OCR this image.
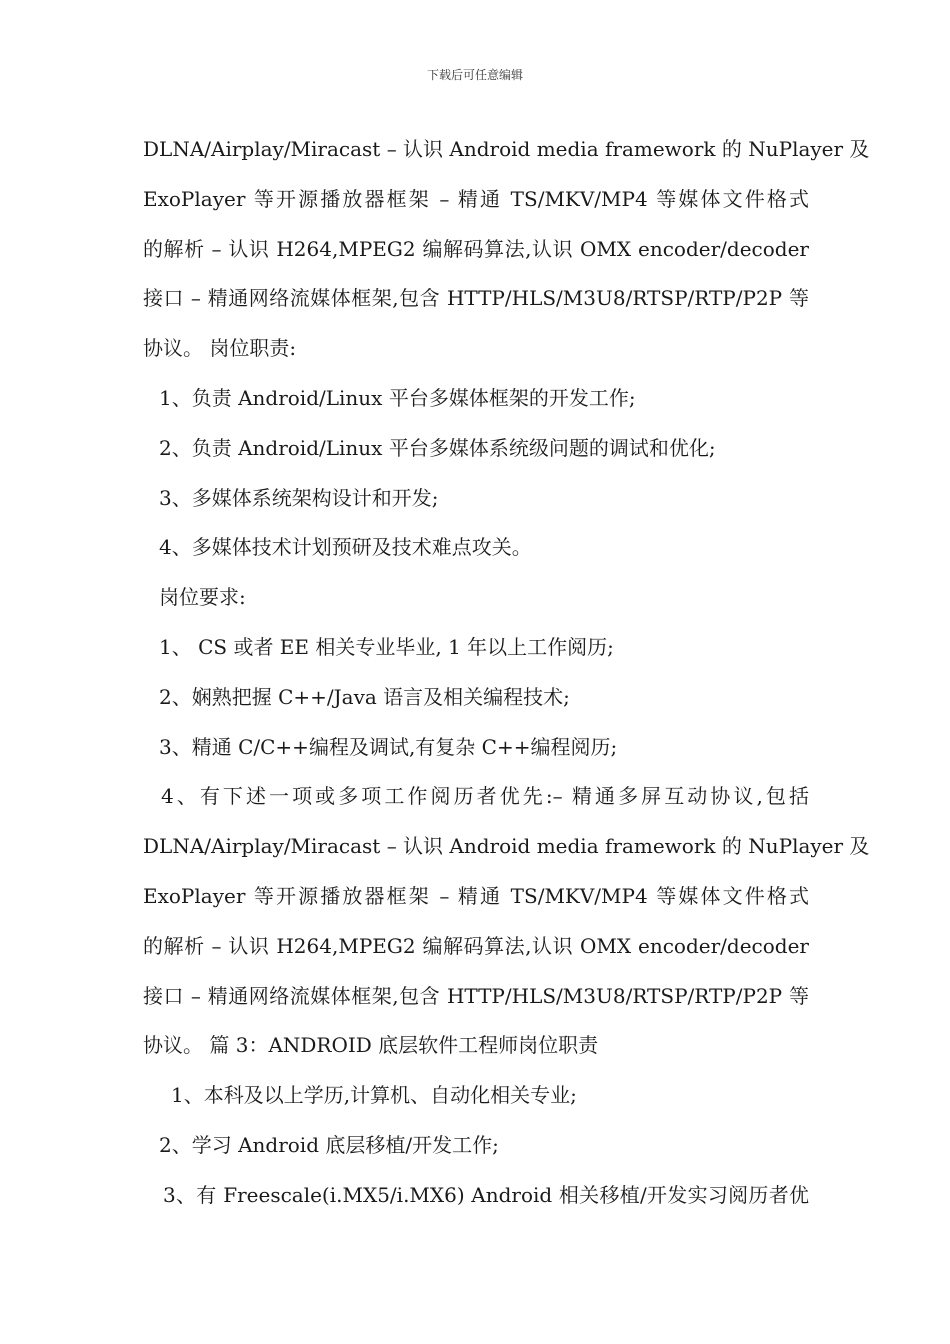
下载后可任意编辑
DLNA/Airplay/Miracast – 认识 Android media framework 的 NuPlayer 及
ExoPlayer 等开源播放器框架 – 精通 TS/MKV/MP4 等媒体文件格式
的解析 – 认识 H264,MPEG2 编解码算法,认识 OMX encoder/decoder
接口 – 精通网络流媒体框架,包含 HTTP/HLS/M3U8/RTSP/RTP/P2P 等
协议。 岗位职责:
1、负责 Android/Linux 平台多媒体框架的开发工作;
2、负责 Android/Linux 平台多媒体系统级问题的调试和优化;
3、多媒体系统架构设计和开发;
4、多媒体技术计划预研及技术难点攻关。
岗位要求:
1、 CS 或者 EE 相关专业毕业, 1 年以上工作阅历;
2、娴熟把握 C++/Java 语言及相关编程技术;
3、精通 C/C++编程及调试,有复杂 C++编程阅历;
4、有下述一项或多项工作阅历者优先:– 精通多屏互动协议,包括
DLNA/Airplay/Miracast – 认识 Android media framework 的 NuPlayer 及
ExoPlayer 等开源播放器框架 – 精通 TS/MKV/MP4 等媒体文件格式
的解析 – 认识 H264,MPEG2 编解码算法,认识 OMX encoder/decoder
接口 – 精通网络流媒体框架,包含 HTTP/HLS/M3U8/RTSP/RTP/P2P 等
协议。 篇 3：ANDROID 底层软件工程师岗位职责
1、本科及以上学历,计算机、自动化相关专业;
2、学习 Android 底层移植/开发工作;
3、有 Freescale(i.MX5/i.MX6) Android 相关移植/开发实习阅历者优
